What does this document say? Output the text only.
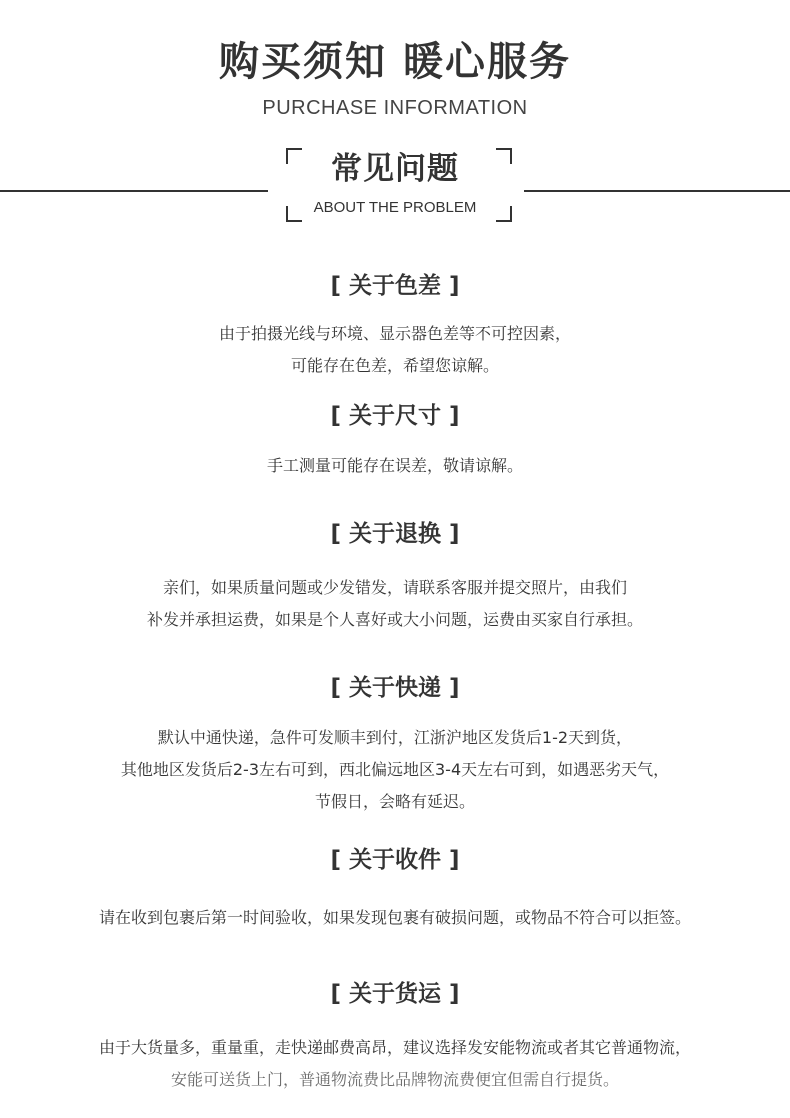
购买须知 暖心服务
PURCHASE INFORMATION
常见问题
ABOUT THE PROBLEM
[ 关于色差 ]
由于拍摄光线与环境、显示器色差等不可控因素，
可能存在色差，希望您谅解。
[ 关于尺寸 ]
手工测量可能存在误差，敬请谅解。
[ 关于退换 ]
亲们，如果质量问题或少发错发，请联系客服并提交照片，由我们
补发并承担运费，如果是个人喜好或大小问题，运费由买家自行承担。
[ 关于快递 ]
默认中通快递，急件可发顺丰到付，江浙沪地区发货后1-2天到货，
其他地区发货后2-3左右可到，西北偏远地区3-4天左右可到，如遇恶劣天气，
节假日，会略有延迟。
[ 关于收件 ]
请在收到包裹后第一时间验收，如果发现包裹有破损问题，或物品不符合可以拒签。
[ 关于货运 ]
由于大货量多，重量重，走快递邮费高昂，建议选择发安能物流或者其它普通物流，
安能可送货上门，普通物流费比品牌物流费便宜但需自行提货。
